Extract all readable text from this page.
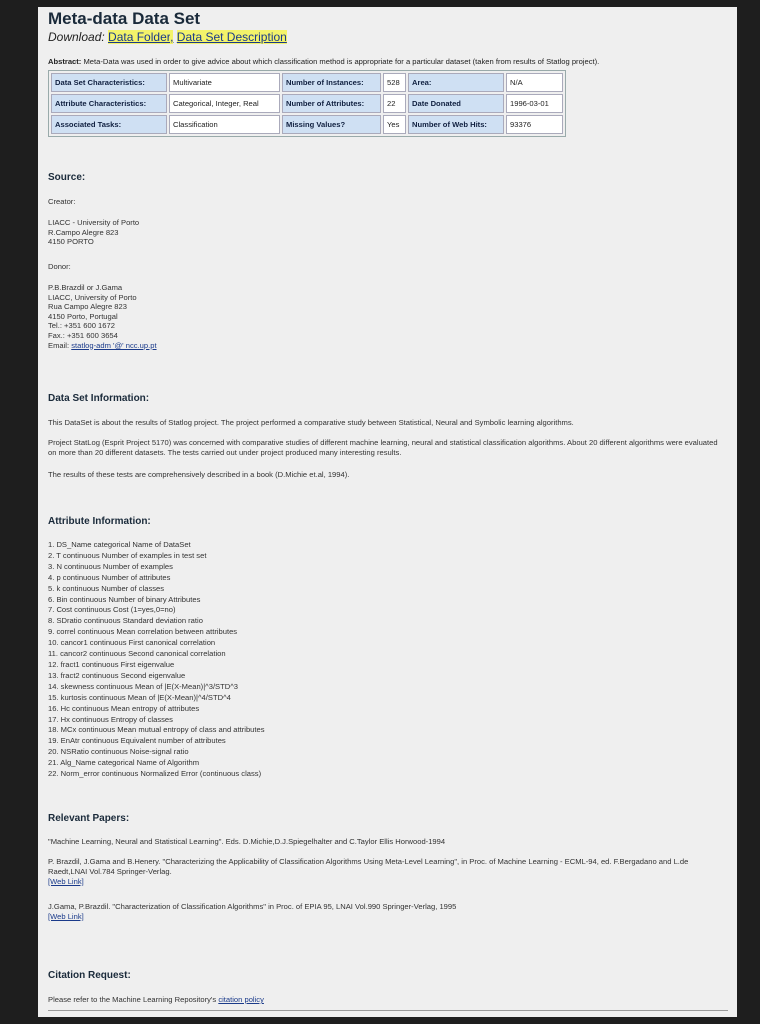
Meta-data Data Set
Download: Data Folder, Data Set Description
Abstract: Meta-Data was used in order to give advice about which classification method is appropriate for a particular dataset (taken from results of Statlog project).
Data Set Characteristics:	Multivariate	Number of Instances:	528	Area:	N/A
Attribute Characteristics:	Categorical, Integer, Real	Number of Attributes:	22	Date Donated	1996-03-01
Associated Tasks:	Classification	Missing Values?	Yes	Number of Web Hits:	93376
Source:
Creator:
LIACC - University of Porto
R.Campo Alegre 823
4150 PORTO
Donor:
P.B.Brazdil or J.Gama
LIACC, University of Porto
Rua Campo Alegre 823
4150 Porto, Portugal
Tel.: +351 600 1672
Fax.: +351 600 3654
Email: statlog-adm '@' ncc.up.pt
Data Set Information:
This DataSet is about the results of Statlog project. The project performed a comparative study between Statistical, Neural and Symbolic learning algorithms.
Project StatLog (Esprit Project 5170) was concerned with comparative studies of different machine learning, neural and statistical classification algorithms. About 20 different algorithms were evaluated on more than 20 different datasets. The tests carried out under project produced many interesting results.
The results of these tests are comprehensively described in a book (D.Michie et.al, 1994).
Attribute Information:
1. DS_Name categorical Name of DataSet
2. T continuous Number of examples in test set
3. N continuous Number of examples
4. p continuous Number of attributes
5. k continuous Number of classes
6. Bin continuous Number of binary Attributes
7. Cost continuous Cost (1=yes,0=no)
8. SDratio continuous Standard deviation ratio
9. correl continuous Mean correlation between attributes
10. cancor1 continuous First canonical correlation
11. cancor2 continuous Second canonical correlation
12. fract1 continuous First eigenvalue
13. fract2 continuous Second eigenvalue
14. skewness continuous Mean of |E(X-Mean)|^3/STD^3
15. kurtosis continuous Mean of |E(X-Mean)|^4/STD^4
16. Hc continuous Mean entropy of attributes
17. Hx continuous Entropy of classes
18. MCx continuous Mean mutual entropy of class and attributes
19. EnAtr continuous Equivalent number of attributes
20. NSRatio continuous Noise-signal ratio
21. Alg_Name categorical Name of Algorithm
22. Norm_error continuous Normalized Error (continuous class)
Relevant Papers:
"Machine Learning, Neural and Statistical Learning". Eds. D.Michie,D.J.Spiegelhalter and C.Taylor Ellis Horwood-1994
P. Brazdil, J.Gama and B.Henery. "Characterizing the Applicability of Classification Algorithms Using Meta-Level Learning", in Proc. of Machine Learning - ECML-94, ed. F.Bergadano and L.de Raedt,LNAI Vol.784 Springer-Verlag.
[Web Link]
J.Gama, P.Brazdil. "Characterization of Classification Algorithms" in Proc. of EPIA 95, LNAI Vol.990 Springer-Verlag, 1995
[Web Link]
Citation Request:
Please refer to the Machine Learning Repository's citation policy
